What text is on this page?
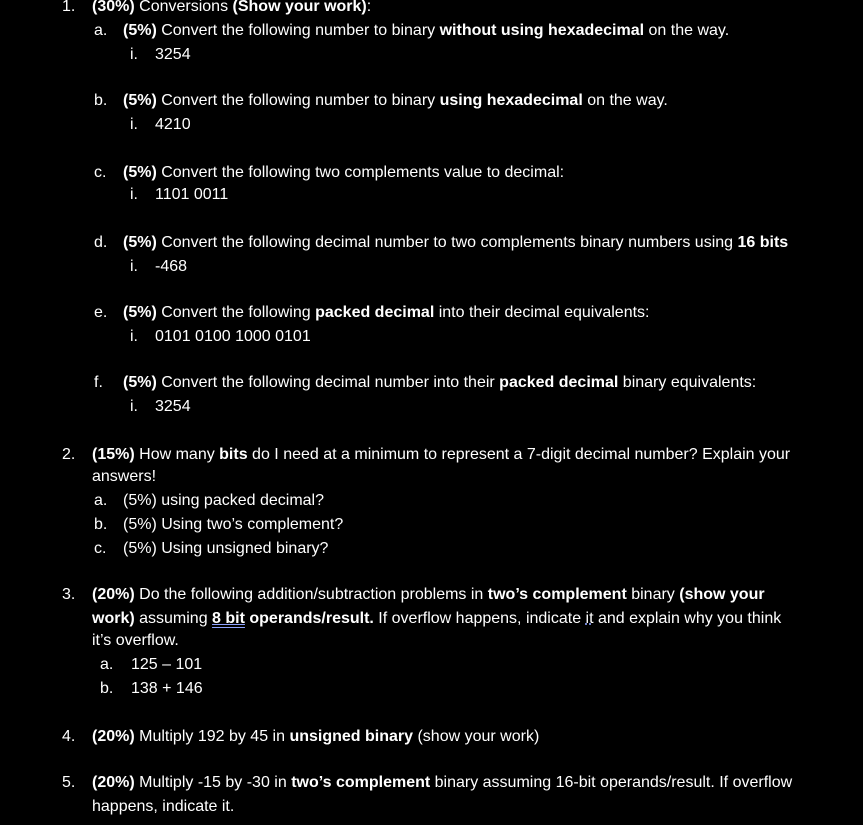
1. (30%) Conversions (Show your work):
a. (5%) Convert the following number to binary without using hexadecimal on the way.
i. 3254
b. (5%) Convert the following number to binary using hexadecimal on the way.
i. 4210
c. (5%) Convert the following two complements value to decimal:
i. 1101 0011
d. (5%) Convert the following decimal number to two complements binary numbers using 16 bits
i. -468
e. (5%) Convert the following packed decimal into their decimal equivalents:
i. 0101 0100 1000 0101
f. (5%) Convert the following decimal number into their packed decimal binary equivalents:
i. 3254
2. (15%) How many bits do I need at a minimum to represent a 7-digit decimal number? Explain your
answers!
a. (5%) using packed decimal?
b. (5%) Using two’s complement?
c. (5%) Using unsigned binary?
3. (20%) Do the following addition/subtraction problems in two’s complement binary (show your
work) assuming 8 bit operands/result. If overflow happens, indicate it and explain why you think
it’s overflow.
a. 125 – 101
b. 138 + 146
4. (20%) Multiply 192 by 45 in unsigned binary (show your work)
5. (20%) Multiply -15 by -30 in two’s complement binary assuming 16-bit operands/result. If overflow
happens, indicate it.
